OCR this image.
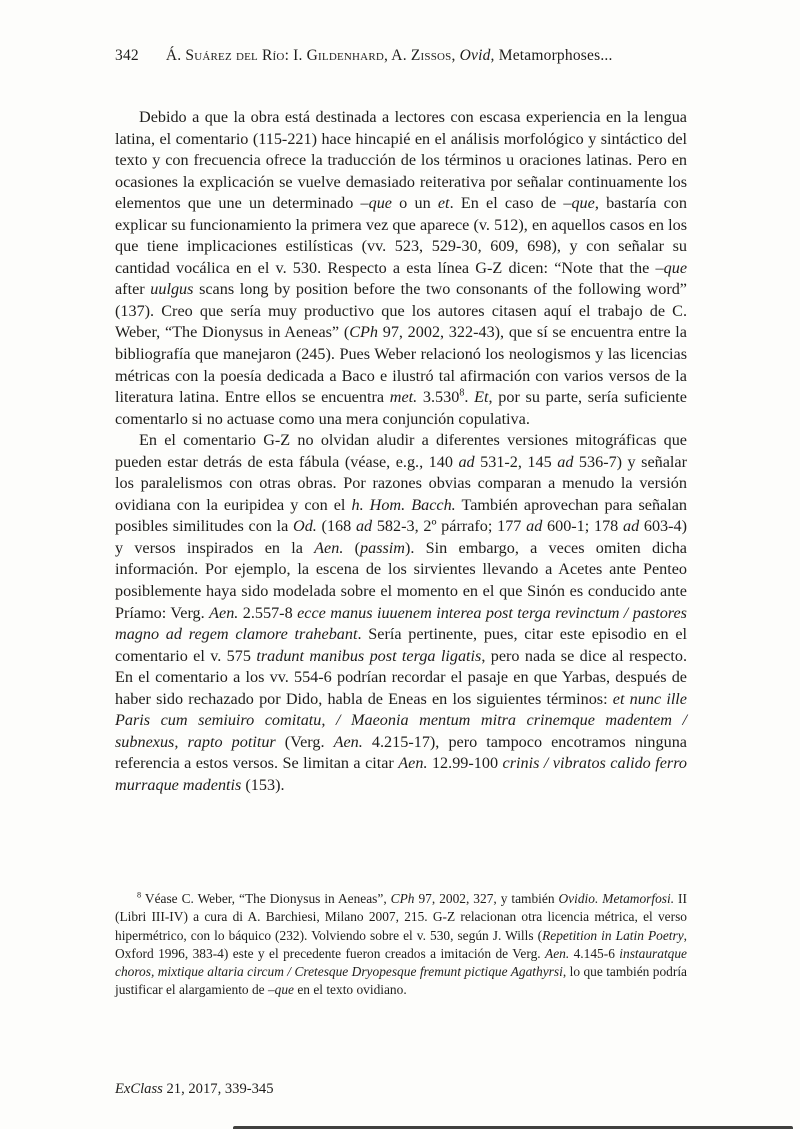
342 Á. Suárez del Río: I. Gildenhard, A. Zissos, Ovid, Metamorphoses...

Debido a que la obra está destinada a lectores con escasa experiencia en la lengua latina, el comentario (115-221) hace hincapié en el análisis morfológico y sintáctico del texto y con frecuencia ofrece la traducción de los términos u oraciones latinas. Pero en ocasiones la explicación se vuelve demasiado reiterativa por señalar continuamente los elementos que une un determinado –que o un et. En el caso de –que, bastaría con explicar su funcionamiento la primera vez que aparece (v. 512), en aquellos casos en los que tiene implicaciones estilísticas (vv. 523, 529-30, 609, 698), y con señalar su cantidad vocálica en el v. 530. Respecto a esta línea G-Z dicen: “Note that the –que after uulgus scans long by position before the two consonants of the following word” (137). Creo que sería muy productivo que los autores citasen aquí el trabajo de C. Weber, “The Dionysus in Aeneas” (CPh 97, 2002, 322-43), que sí se encuentra entre la bibliografía que manejaron (245). Pues Weber relacionó los neologismos y las licencias métricas con la poesía dedicada a Baco e ilustró tal afirmación con varios versos de la literatura latina. Entre ellos se encuentra met. 3.530$^8$. Et, por su parte, sería suficiente comentarlo si no actuase como una mera conjunción copulativa.

En el comentario G-Z no olvidan aludir a diferentes versiones mitográficas que pueden estar detrás de esta fábula (véase, e.g., 140 ad 531-2, 145 ad 536-7) y señalar los paralelismos con otras obras. Por razones obvias comparan a menudo la versión ovidiana con la euripidea y con el h. Hom. Bacch. También aprovechan para señalan posibles similitudes con la Od. (168 ad 582-3, 2º párrafo; 177 ad 600-1; 178 ad 603-4) y versos inspirados en la Aen. (passim). Sin embargo, a veces omiten dicha información. Por ejemplo, la escena de los sirvientes llevando a Acetes ante Penteo posiblemente haya sido modelada sobre el momento en el que Sinón es conducido ante Príamo: Verg. Aen. 2.557-8 ecce manus iuuenem interea post terga revinctum / pastores magno ad regem clamore trahebant. Sería pertinente, pues, citar este episodio en el comentario el v. 575 tradunt manibus post terga ligatis, pero nada se dice al respecto. En el comentario a los vv. 554-6 podrían recordar el pasaje en que Yarbas, después de haber sido rechazado por Dido, habla de Eneas en los siguientes términos: et nunc ille Paris cum semiuiro comitatu, / Maeonia mentum mitra crinemque madentem / subnexus, rapto potitur (Verg. Aen. 4.215-17), pero tampoco encotramos ninguna referencia a estos versos. Se limitan a citar Aen. 12.99-100 crinis / vibratos calido ferro murraque madentis (153).

$^8$ Véase C. Weber, “The Dionysus in Aeneas”, CPh 97, 2002, 327, y también Ovidio. Metamorfosi. II (Libri III-IV) a cura di A. Barchiesi, Milano 2007, 215. G-Z relacionan otra licencia métrica, el verso hipermétrico, con lo báquico (232). Volviendo sobre el v. 530, según J. Wills (Repetition in Latin Poetry, Oxford 1996, 383-4) este y el precedente fueron creados a imitación de Verg. Aen. 4.145-6 instauratque choros, mixtique altaria circum / Cretesque Dryopesque fremunt pictique Agathyrsi, lo que también podría justificar el alargamiento de –que en el texto ovidiano.

ExClass 21, 2017, 339-345
